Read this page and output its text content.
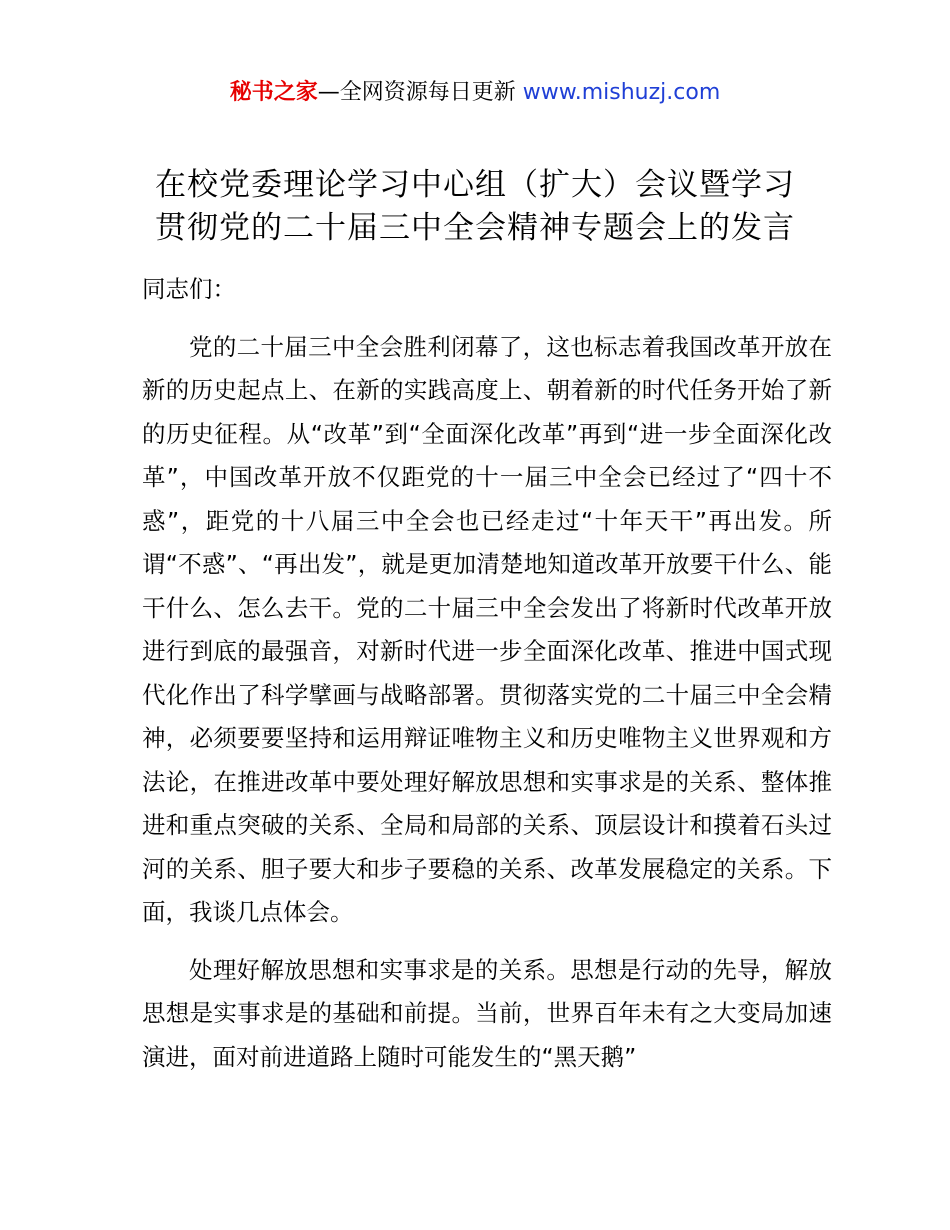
秘书之家—全网资源每日更新 www.mishuzj.com
在校党委理论学习中心组（扩大）会议暨学习
贯彻党的二十届三中全会精神专题会上的发言

同志们：

党的二十届三中全会胜利闭幕了，这也标志着我国改革开放在新的历史起点上、在新的实践高度上、朝着新的时代任务开始了新的历史征程。从“改革”到“全面深化改革”再到“进一步全面深化改革”，中国改革开放不仅距党的十一届三中全会已经过了“四十不惑”，距党的十八届三中全会也已经走过“十年天干”再出发。所谓“不惑”、“再出发”，就是更加清楚地知道改革开放要干什么、能干什么、怎么去干。党的二十届三中全会发出了将新时代改革开放进行到底的最强音，对新时代进一步全面深化改革、推进中国式现代化作出了科学擘画与战略部署。贯彻落实党的二十届三中全会精神，必须要要坚持和运用辩证唯物主义和历史唯物主义世界观和方法论，在推进改革中要处理好解放思想和实事求是的关系、整体推进和重点突破的关系、全局和局部的关系、顶层设计和摸着石头过河的关系、胆子要大和步子要稳的关系、改革发展稳定的关系。下面，我谈几点体会。

处理好解放思想和实事求是的关系。思想是行动的先导，解放思想是实事求是的基础和前提。当前，世界百年未有之大变局加速演进，面对前进道路上随时可能发生的“黑天鹅”
